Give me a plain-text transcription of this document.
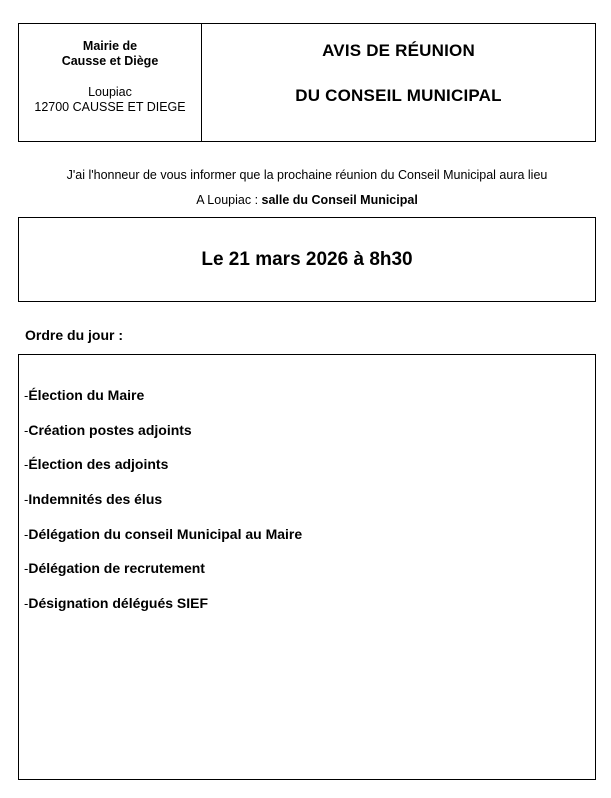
Mairie de
Causse et Diège
Loupiac
12700 CAUSSE ET DIEGE
AVIS DE RÉUNION
DU CONSEIL MUNICIPAL
J'ai l'honneur de vous informer que la prochaine réunion du Conseil Municipal aura lieu
A Loupiac : salle du Conseil Municipal
Le 21 mars 2026 à 8h30
Ordre du jour :
-Élection du Maire
-Création postes adjoints
-Élection des adjoints
-Indemnités des élus
-Délégation du conseil Municipal au Maire
-Délégation de recrutement
-Désignation délégués SIEF
